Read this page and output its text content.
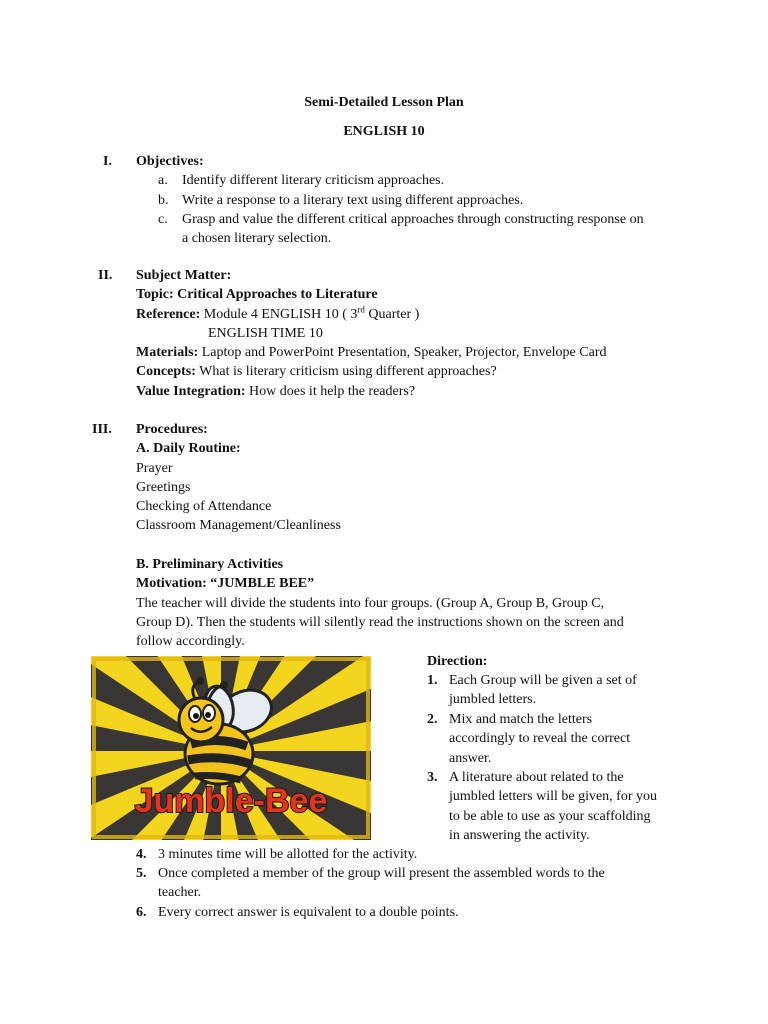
Semi-Detailed Lesson Plan
ENGLISH 10
I.	Objectives:
a. Identify different literary criticism approaches.
b. Write a response to a literary text using different approaches.
c. Grasp and value the different critical approaches through constructing response on
a chosen literary selection.
II.	Subject Matter:
Topic: Critical Approaches to Literature
Reference: Module 4 ENGLISH 10 ( 3rd Quarter )
ENGLISH TIME 10
Materials: Laptop and PowerPoint Presentation, Speaker, Projector, Envelope Card
Concepts: What is literary criticism using different approaches?
Value Integration: How does it help the readers?
III.	Procedures:
A. Daily Routine:
Prayer
Greetings
Checking of Attendance
Classroom Management/Cleanliness
B. Preliminary Activities
Motivation: “JUMBLE BEE”
The teacher will divide the students into four groups. (Group A, Group B, Group C,
Group D). Then the students will silently read the instructions shown on the screen and
follow accordingly.
Jumble-Bee
Direction:
1. Each Group will be given a set of
jumbled letters.
2. Mix and match the letters
accordingly to reveal the correct
answer.
3. A literature about related to the
jumbled letters will be given, for you
to be able to use as your scaffolding
in answering the activity.
4. 3 minutes time will be allotted for the activity.
5. Once completed a member of the group will present the assembled words to the
teacher.
6. Every correct answer is equivalent to a double points.
